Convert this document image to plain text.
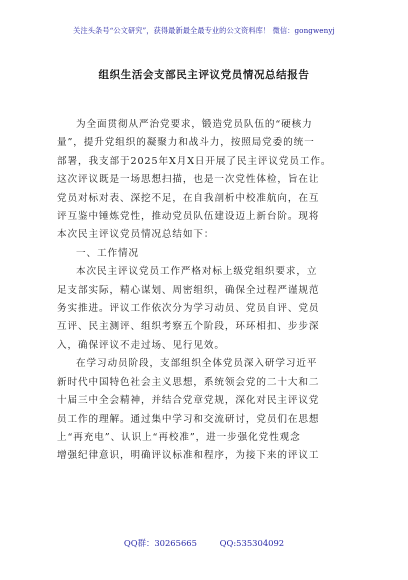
关注头条号“公文研究”，获得最新最全最专业的公文资料库！ 微信：gongwenyj
组织生活会支部民主评议党员情况总结报告
为全面贯彻从严治党要求，锻造党员队伍的“硬核力
量”，提升党组织的凝聚力和战斗力，按照局党委的统一
部署，我支部于2025年X月X日开展了民主评议党员工作。
这次评议既是一场思想扫描，也是一次党性体检，旨在让
党员对标对表、深挖不足，在自我剖析中校准航向，在互
评互鉴中锤炼党性，推动党员队伍建设迈上新台阶。现将
本次民主评议党员情况总结如下：
一、工作情况
本次民主评议党员工作严格对标上级党组织要求，立
足支部实际，精心谋划、周密组织，确保全过程严谨规范
务实推进。评议工作依次分为学习动员、党员自评、党员
互评、民主测评、组织考察五个阶段，环环相扣、步步深
入，确保评议不走过场、见行见效。
在学习动员阶段，支部组织全体党员深入研学习近平
新时代中国特色社会主义思想，系统领会党的二十大和二
十届三中全会精神，并结合党章党规，深化对民主评议党
员工作的理解。通过集中学习和交流研讨，党员们在思想
上“再充电”、认识上“再校准”，进一步强化党性观念
增强纪律意识，明确评议标准和程序，为接下来的评议工
QQ群：30265665	QQ:535304092
